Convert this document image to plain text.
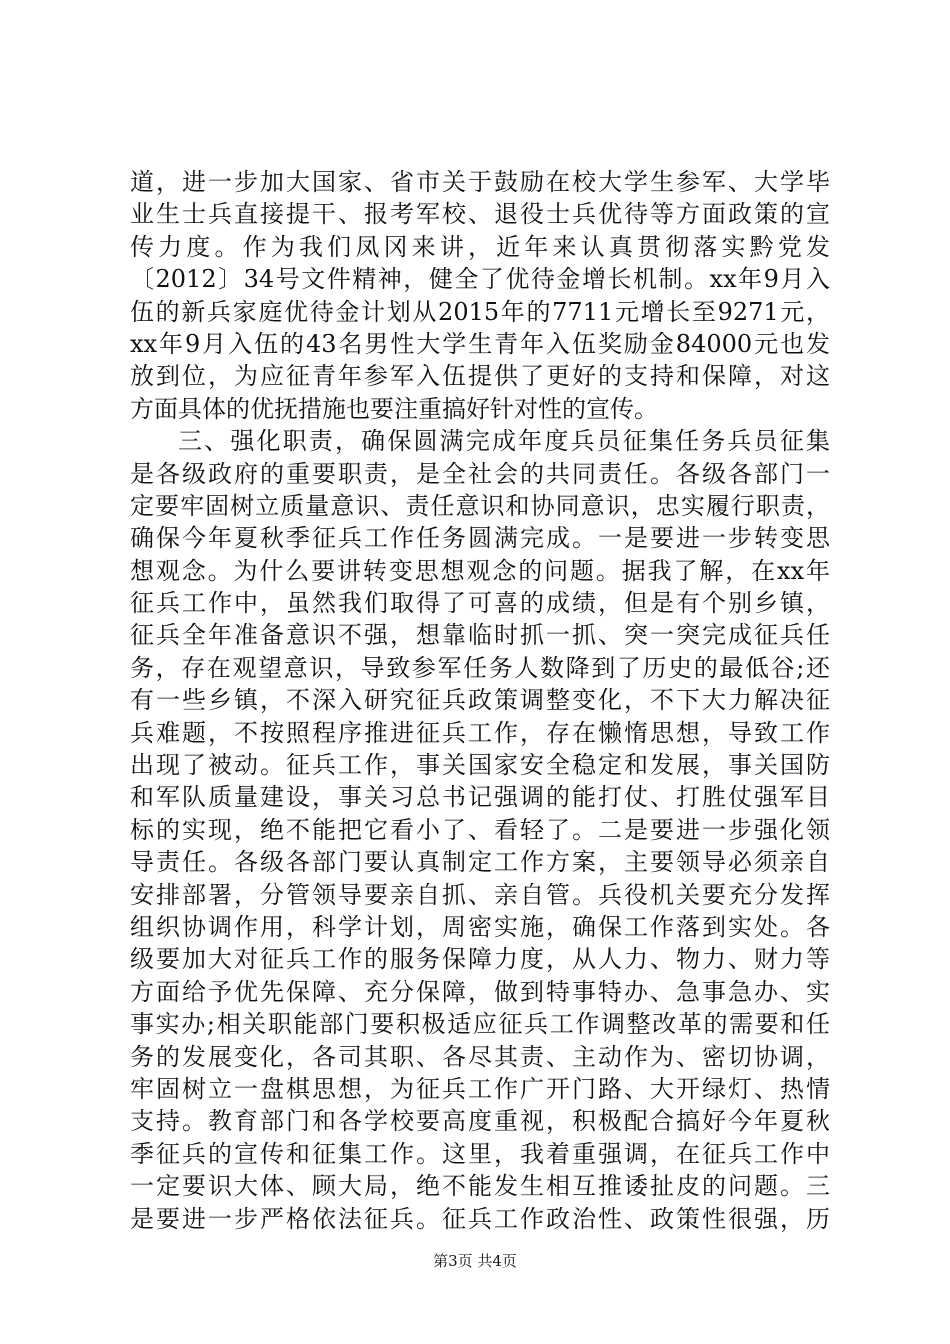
道，进一步加大国家、省市关于鼓励在校大学生参军、大学毕
业生士兵直接提干、报考军校、退役士兵优待等方面政策的宣
传力度。作为我们凤冈来讲，近年来认真贯彻落实黔党发
〔2012〕34号文件精神，健全了优待金增长机制。xx年9月入
伍的新兵家庭优待金计划从2015年的7711元增长至9271元，
xx年9月入伍的43名男性大学生青年入伍奖励金84000元也发
放到位，为应征青年参军入伍提供了更好的支持和保障，对这
方面具体的优抚措施也要注重搞好针对性的宣传。
三、强化职责，确保圆满完成年度兵员征集任务兵员征集
是各级政府的重要职责，是全社会的共同责任。各级各部门一
定要牢固树立质量意识、责任意识和协同意识，忠实履行职责，
确保今年夏秋季征兵工作任务圆满完成。一是要进一步转变思
想观念。为什么要讲转变思想观念的问题。据我了解，在xx年
征兵工作中，虽然我们取得了可喜的成绩，但是有个别乡镇，
征兵全年准备意识不强，想靠临时抓一抓、突一突完成征兵任
务，存在观望意识，导致参军任务人数降到了历史的最低谷;还
有一些乡镇，不深入研究征兵政策调整变化，不下大力解决征
兵难题，不按照程序推进征兵工作，存在懒惰思想，导致工作
出现了被动。征兵工作，事关国家安全稳定和发展，事关国防
和军队质量建设，事关习总书记强调的能打仗、打胜仗强军目
标的实现，绝不能把它看小了、看轻了。二是要进一步强化领
导责任。各级各部门要认真制定工作方案，主要领导必须亲自
安排部署，分管领导要亲自抓、亲自管。兵役机关要充分发挥
组织协调作用，科学计划，周密实施，确保工作落到实处。各
级要加大对征兵工作的服务保障力度，从人力、物力、财力等
方面给予优先保障、充分保障，做到特事特办、急事急办、实
事实办;相关职能部门要积极适应征兵工作调整改革的需要和任
务的发展变化，各司其职、各尽其责、主动作为、密切协调，
牢固树立一盘棋思想，为征兵工作广开门路、大开绿灯、热情
支持。教育部门和各学校要高度重视，积极配合搞好今年夏秋
季征兵的宣传和征集工作。这里，我着重强调，在征兵工作中
一定要识大体、顾大局，绝不能发生相互推诿扯皮的问题。三
是要进一步严格依法征兵。征兵工作政治性、政策性很强，历
第3页 共4页
